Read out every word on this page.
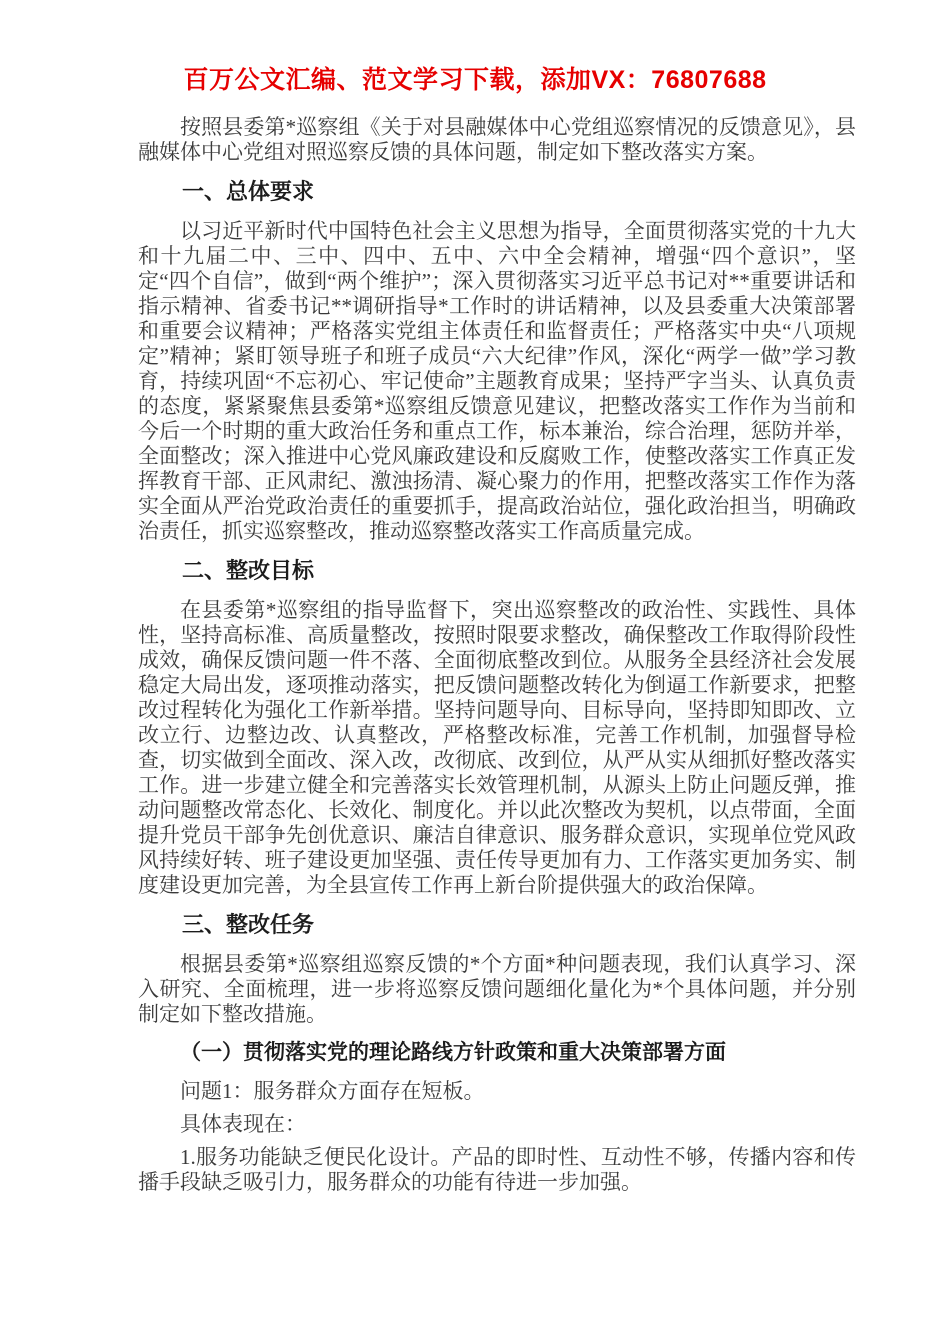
百万公文汇编、范文学习下载，添加VX：76807688

按照县委第*巡察组《关于对县融媒体中心党组巡察情况的反馈意见》，县融媒体中心党组对照巡察反馈的具体问题，制定如下整改落实方案。

一、总体要求

以习近平新时代中国特色社会主义思想为指导，全面贯彻落实党的十九大和十九届二中、三中、四中、五中、六中全会精神，增强“四个意识”，坚定“四个自信”，做到“两个维护”；深入贯彻落实习近平总书记对**重要讲话和指示精神、省委书记**调研指导*工作时的讲话精神，以及县委重大决策部署和重要会议精神；严格落实党组主体责任和监督责任；严格落实中央“八项规定”精神；紧盯领导班子和班子成员“六大纪律”作风，深化“两学一做”学习教育，持续巩固“不忘初心、牢记使命”主题教育成果；坚持严字当头、认真负责的态度，紧紧聚焦县委第*巡察组反馈意见建议，把整改落实工作作为当前和今后一个时期的重大政治任务和重点工作，标本兼治，综合治理，惩防并举，全面整改；深入推进中心党风廉政建设和反腐败工作，使整改落实工作真正发挥教育干部、正风肃纪、激浊扬清、凝心聚力的作用，把整改落实工作作为落实全面从严治党政治责任的重要抓手，提高政治站位，强化政治担当，明确政治责任，抓实巡察整改，推动巡察整改落实工作高质量完成。

二、整改目标

在县委第*巡察组的指导监督下，突出巡察整改的政治性、实践性、具体性，坚持高标准、高质量整改，按照时限要求整改，确保整改工作取得阶段性成效，确保反馈问题一件不落、全面彻底整改到位。从服务全县经济社会发展稳定大局出发，逐项推动落实，把反馈问题整改转化为倒逼工作新要求，把整改过程转化为强化工作新举措。坚持问题导向、目标导向，坚持即知即改、立改立行、边整边改、认真整改，严格整改标准，完善工作机制，加强督导检查，切实做到全面改、深入改，改彻底、改到位，从严从实从细抓好整改落实工作。进一步建立健全和完善落实长效管理机制，从源头上防止问题反弹，推动问题整改常态化、长效化、制度化。并以此次整改为契机，以点带面，全面提升党员干部争先创优意识、廉洁自律意识、服务群众意识，实现单位党风政风持续好转、班子建设更加坚强、责任传导更加有力、工作落实更加务实、制度建设更加完善，为全县宣传工作再上新台阶提供强大的政治保障。

三、整改任务

根据县委第*巡察组巡察反馈的*个方面*种问题表现，我们认真学习、深入研究、全面梳理，进一步将巡察反馈问题细化量化为*个具体问题，并分别制定如下整改措施。

（一）贯彻落实党的理论路线方针政策和重大决策部署方面

问题1：服务群众方面存在短板。

具体表现在：

1.服务功能缺乏便民化设计。产品的即时性、互动性不够，传播内容和传播手段缺乏吸引力，服务群众的功能有待进一步加强。
